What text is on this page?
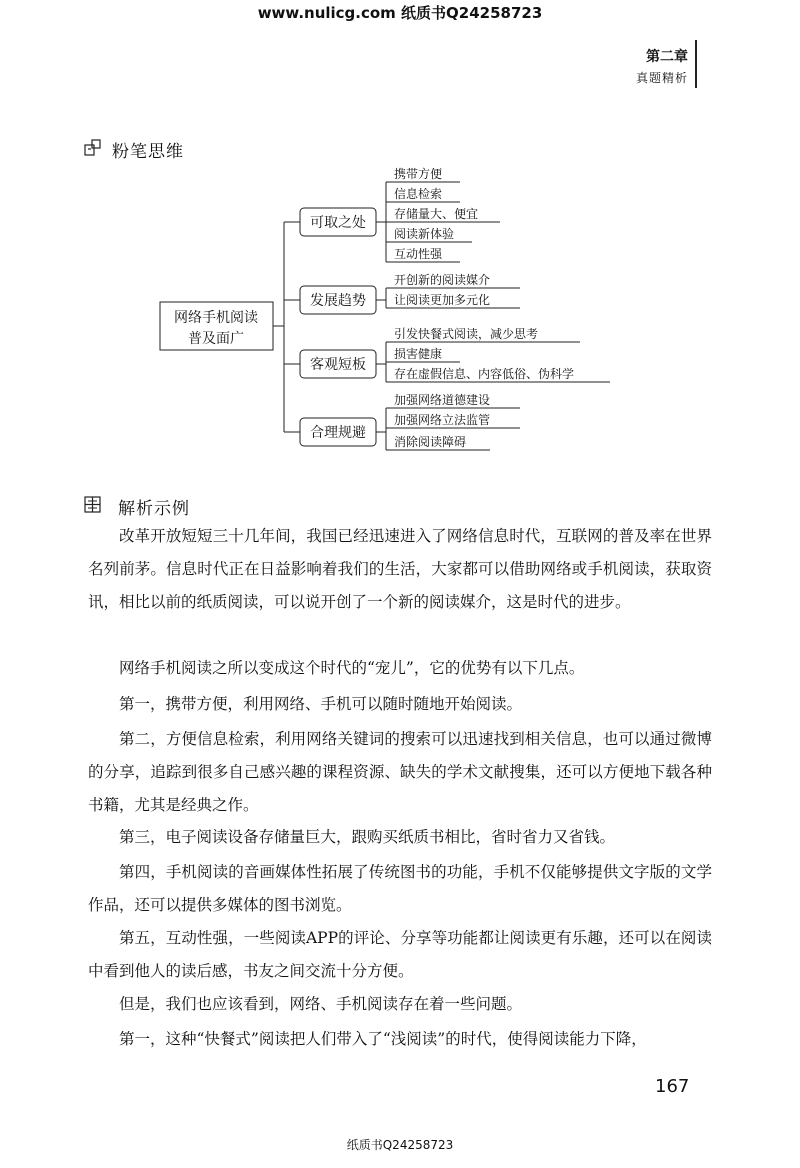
www.nulicg.com 纸质书Q24258723
第二章
真题精析
粉笔思维
网络手机阅读
普及面广
可取之处
发展趋势
客观短板
合理规避
携带方便
信息检索
存储量大、便宜
阅读新体验
互动性强
开创新的阅读媒介
让阅读更加多元化
引发快餐式阅读，减少思考
损害健康
存在虚假信息、内容低俗、伪科学
加强网络道德建设
加强网络立法监管
消除阅读障碍
解析示例

改革开放短短三十几年间，我国已经迅速进入了网络信息时代，互联网的普及率在世界名列前茅。信息时代正在日益影响着我们的生活，大家都可以借助网络或手机阅读，获取资讯，相比以前的纸质阅读，可以说开创了一个新的阅读媒介，这是时代的进步。

网络手机阅读之所以变成这个时代的“宠儿”，它的优势有以下几点。

第一，携带方便，利用网络、手机可以随时随地开始阅读。

第二，方便信息检索，利用网络关键词的搜索可以迅速找到相关信息，也可以通过微博的分享，追踪到很多自己感兴趣的课程资源、缺失的学术文献搜集，还可以方便地下载各种书籍，尤其是经典之作。

第三，电子阅读设备存储量巨大，跟购买纸质书相比，省时省力又省钱。

第四，手机阅读的音画媒体性拓展了传统图书的功能，手机不仅能够提供文字版的文学作品，还可以提供多媒体的图书浏览。

第五，互动性强，一些阅读APP的评论、分享等功能都让阅读更有乐趣，还可以在阅读中看到他人的读后感，书友之间交流十分方便。

但是，我们也应该看到，网络、手机阅读存在着一些问题。

第一，这种“快餐式”阅读把人们带入了“浅阅读”的时代，使得阅读能力下降，

167
纸质书Q24258723
